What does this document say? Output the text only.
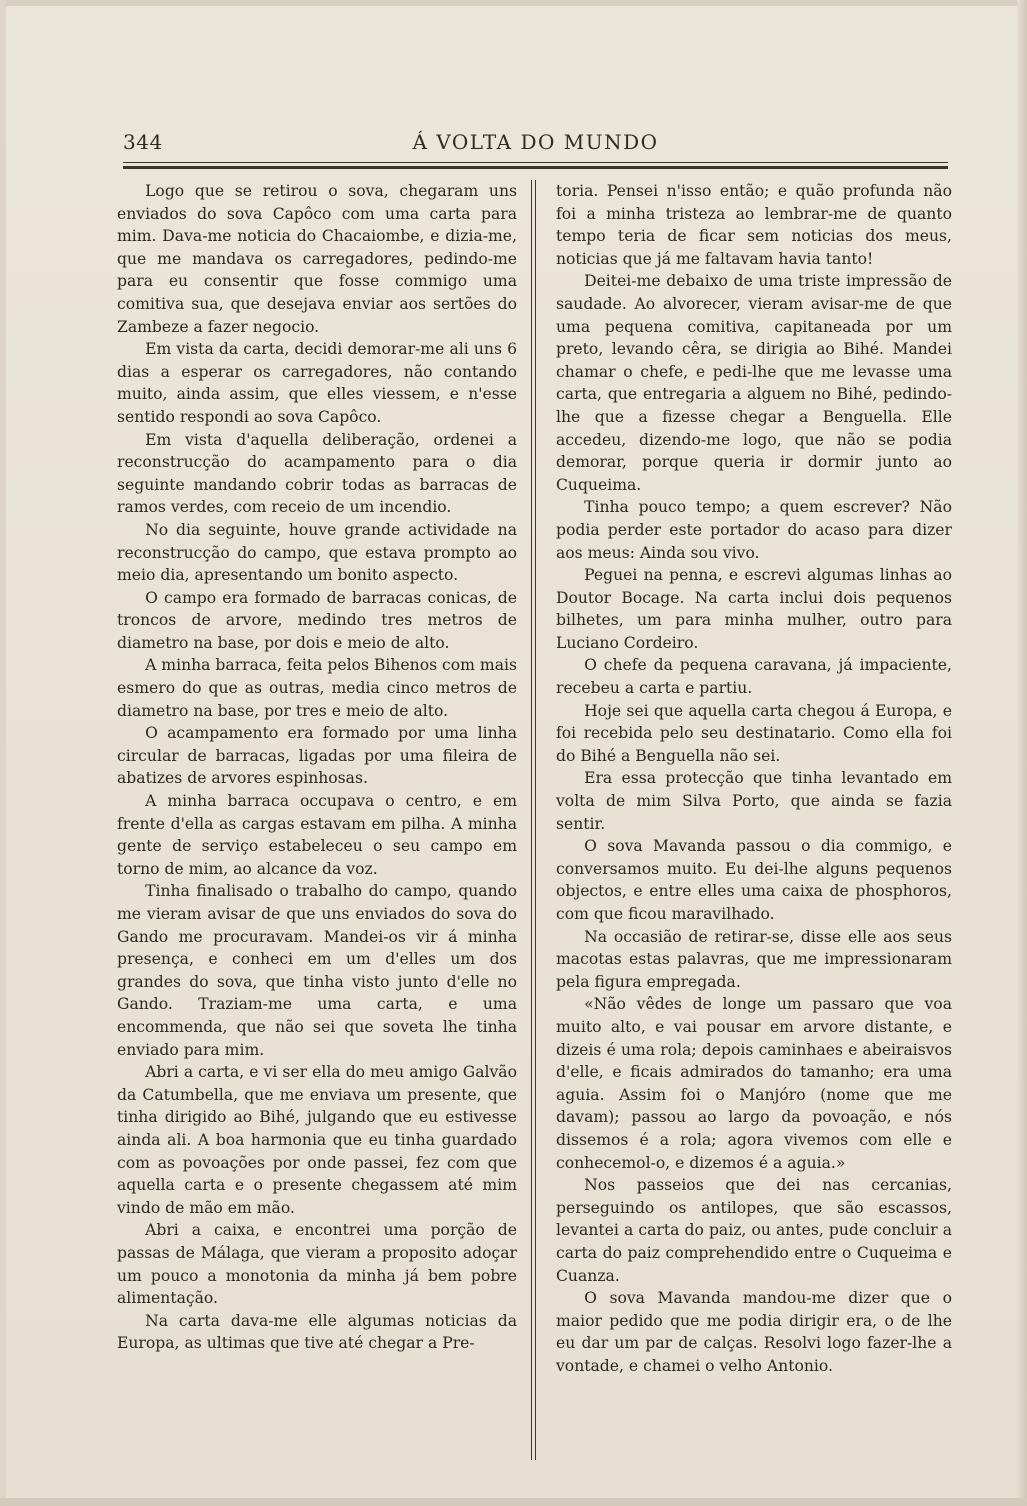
344	Á VOLTA DO MUNDO

Logo que se retirou o sova, chegaram uns enviados do sova Capôco com uma carta para mim. Dava-me noticia do Chacaiombe, e dizia-me, que me mandava os carregadores, pedindo-me para eu consentir que fosse commigo uma comitiva sua, que desejava enviar aos sertões do Zambeze a fazer negocio.

Em vista da carta, decidi demorar-me ali uns 6 dias a esperar os carregadores, não contando muito, ainda assim, que elles viessem, e n'esse sentido respondi ao sova Capôco.

Em vista d'aquella deliberação, ordenei a reconstrucção do acampamento para o dia seguinte mandando cobrir todas as barracas de ramos verdes, com receio de um incendio.

No dia seguinte, houve grande actividade na reconstrucção do campo, que estava prompto ao meio dia, apresentando um bonito aspecto.

O campo era formado de barracas conicas, de troncos de arvore, medindo tres metros de diametro na base, por dois e meio de alto.

A minha barraca, feita pelos Bihenos com mais esmero do que as outras, media cinco metros de diametro na base, por tres e meio de alto.

O acampamento era formado por uma linha circular de barracas, ligadas por uma fileira de abatizes de arvores espinhosas.

A minha barraca occupava o centro, e em frente d'ella as cargas estavam em pilha. A minha gente de serviço estabeleceu o seu campo em torno de mim, ao alcance da voz.

Tinha finalisado o trabalho do campo, quando me vieram avisar de que uns enviados do sova do Gando me procuravam. Mandei-os vir á minha presença, e conheci em um d'elles um dos grandes do sova, que tinha visto junto d'elle no Gando. Traziam-me uma carta, e uma encommenda, que não sei que soveta lhe tinha enviado para mim.

Abri a carta, e vi ser ella do meu amigo Galvão da Catumbella, que me enviava um presente, que tinha dirigido ao Bihé, julgando que eu estivesse ainda ali. A boa harmonia que eu tinha guardado com as povoações por onde passei, fez com que aquella carta e o presente chegassem até mim vindo de mão em mão.

Abri a caixa, e encontrei uma porção de passas de Málaga, que vieram a proposito adoçar um pouco a monotonia da minha já bem pobre alimentação.

Na carta dava-me elle algumas noticias da Europa, as ultimas que tive até chegar a Pre-

toria. Pensei n'isso então; e quão profunda não foi a minha tristeza ao lembrar-me de quanto tempo teria de ficar sem noticias dos meus, noticias que já me faltavam havia tanto!

Deitei-me debaixo de uma triste impressão de saudade. Ao alvorecer, vieram avisar-me de que uma pequena comitiva, capitaneada por um preto, levando cêra, se dirigia ao Bihé. Mandei chamar o chefe, e pedi-lhe que me levasse uma carta, que entregaria a alguem no Bihé, pedindo-lhe que a fizesse chegar a Benguella. Elle accedeu, dizendo-me logo, que não se podia demorar, porque queria ir dormir junto ao Cuqueima.

Tinha pouco tempo; a quem escrever? Não podia perder este portador do acaso para dizer aos meus: Ainda sou vivo.

Peguei na penna, e escrevi algumas linhas ao Doutor Bocage. Na carta inclui dois pequenos bilhetes, um para minha mulher, outro para Luciano Cordeiro.

O chefe da pequena caravana, já impaciente, recebeu a carta e partiu.

Hoje sei que aquella carta chegou á Europa, e foi recebida pelo seu destinatario. Como ella foi do Bihé a Benguella não sei.

Era essa protecção que tinha levantado em volta de mim Silva Porto, que ainda se fazia sentir.

O sova Mavanda passou o dia commigo, e conversamos muito. Eu dei-lhe alguns pequenos objectos, e entre elles uma caixa de phosphoros, com que ficou maravilhado.

Na occasião de retirar-se, disse elle aos seus macotas estas palavras, que me impressionaram pela figura empregada.

«Não vêdes de longe um passaro que voa muito alto, e vai pousar em arvore distante, e dizeis é uma rola; depois caminhaes e abeiraisvos d'elle, e ficais admirados do tamanho; era uma aguia. Assim foi o Manjóro (nome que me davam); passou ao largo da povoação, e nós dissemos é a rola; agora vivemos com elle e conhecemol-o, e dizemos é a aguia.»

Nos passeios que dei nas cercanias, perseguindo os antilopes, que são escassos, levantei a carta do paiz, ou antes, pude concluir a carta do paiz comprehendido entre o Cuqueima e Cuanza.

O sova Mavanda mandou-me dizer que o maior pedido que me podia dirigir era, o de lhe eu dar um par de calças. Resolvi logo fazer-lhe a vontade, e chamei o velho Antonio.
